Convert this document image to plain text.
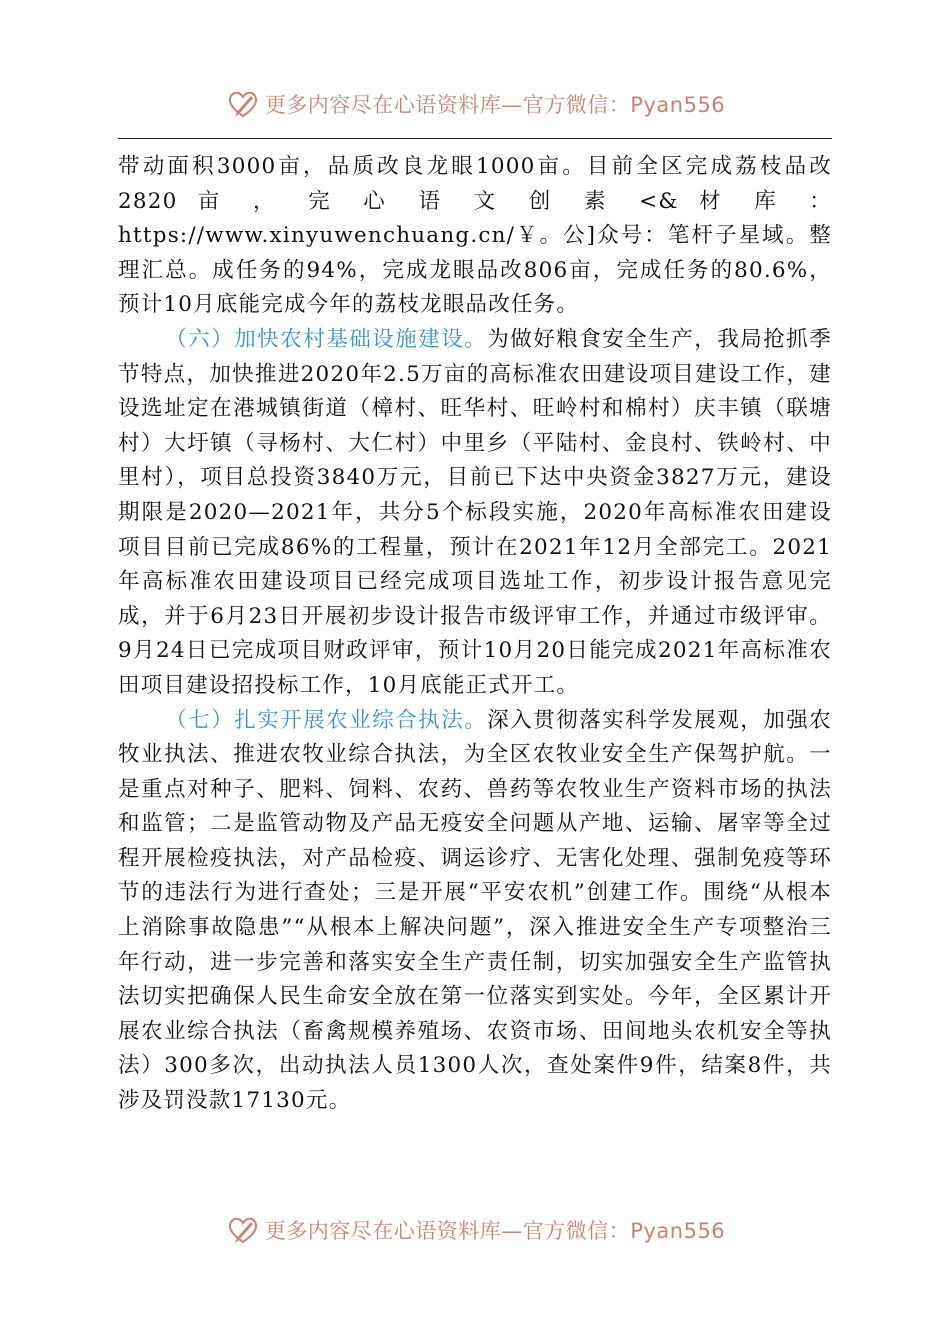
更多内容尽在心语资料库—官方微信：Pyan556

带动面积3000亩，品质改良龙眼1000亩。目前全区完成荔枝品改 2820 亩 ， 完 心 语 文 创 素 <& 材 库 ： https://www.xinyuwenchuang.cn/￥。公]众号：笔杆子星域。整理汇总。成任务的94%，完成龙眼品改806亩，完成任务的80.6%，预计10月底能完成今年的荔枝龙眼品改任务。

（六）加快农村基础设施建设。为做好粮食安全生产，我局抢抓季节特点，加快推进2020年2.5万亩的高标准农田建设项目建设工作，建设选址定在港城镇街道（樟村、旺华村、旺岭村和棉村）庆丰镇（联塘村）大圩镇（寻杨村、大仁村）中里乡（平陆村、金良村、铁岭村、中里村），项目总投资3840万元，目前已下达中央资金3827万元，建设期限是2020—2021年，共分5个标段实施，2020年高标准农田建设项目目前已完成86%的工程量，预计在2021年12月全部完工。2021年高标准农田建设项目已经完成项目选址工作，初步设计报告意见完成，并于6月23日开展初步设计报告市级评审工作，并通过市级评审。9月24日已完成项目财政评审，预计10月20日能完成2021年高标准农田项目建设招投标工作，10月底能正式开工。

（七）扎实开展农业综合执法。深入贯彻落实科学发展观，加强农牧业执法、推进农牧业综合执法，为全区农牧业安全生产保驾护航。一是重点对种子、肥料、饲料、农药、兽药等农牧业生产资料市场的执法和监管；二是监管动物及产品无疫安全问题从产地、运输、屠宰等全过程开展检疫执法，对产品检疫、调运诊疗、无害化处理、强制免疫等环节的违法行为进行查处；三是开展“平安农机”创建工作。围绕“从根本上消除事故隐患”“从根本上解决问题”，深入推进安全生产专项整治三年行动，进一步完善和落实安全生产责任制，切实加强安全生产监管执法切实把确保人民生命安全放在第一位落实到实处。今年，全区累计开展农业综合执法（畜禽规模养殖场、农资市场、田间地头农机安全等执法）300多次，出动执法人员1300人次，查处案件9件，结案8件，共涉及罚没款17130元。

更多内容尽在心语资料库—官方微信：Pyan556
